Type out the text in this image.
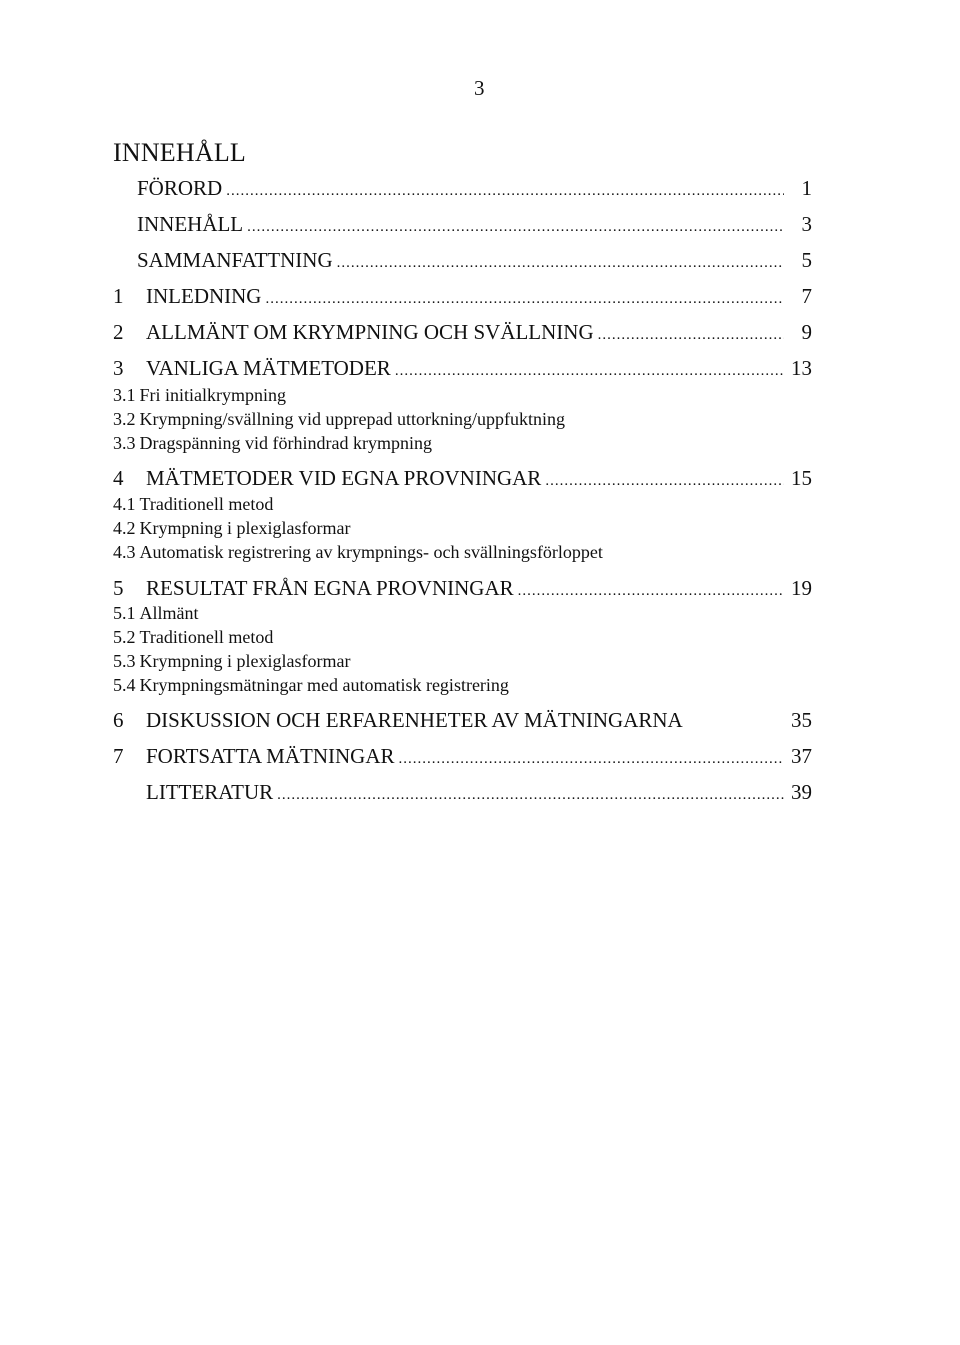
3
INNEHÅLL
FÖRORD .....	1
INNEHÅLL .....	3
SAMMANFATTNING .....	5
1	INLEDNING .....	7
2	ALLMÄNT OM KRYMPNING OCH SVÄLLNING .....	9
3	VANLIGA MÄTMETODER .....	13
3.1 Fri initialkrympning
3.2 Krympning/svällning vid upprepad uttorkning/uppfuktning
3.3 Dragspänning vid förhindrad krympning
4	MÄTMETODER VID EGNA PROVNINGAR .....	15
4.1 Traditionell metod
4.2 Krympning i plexiglasformar
4.3 Automatisk registrering av krympnings- och svällningsförloppet
5	RESULTAT FRÅN EGNA PROVNINGAR .....	19
5.1 Allmänt
5.2 Traditionell metod
5.3 Krympning i plexiglasformar
5.4 Krympningsmätningar med automatisk registrering
6	DISKUSSION OCH ERFARENHETER AV MÄTNINGARNA	35
7	FORTSATTA MÄTNINGAR .....	37
LITTERATUR .....	39
